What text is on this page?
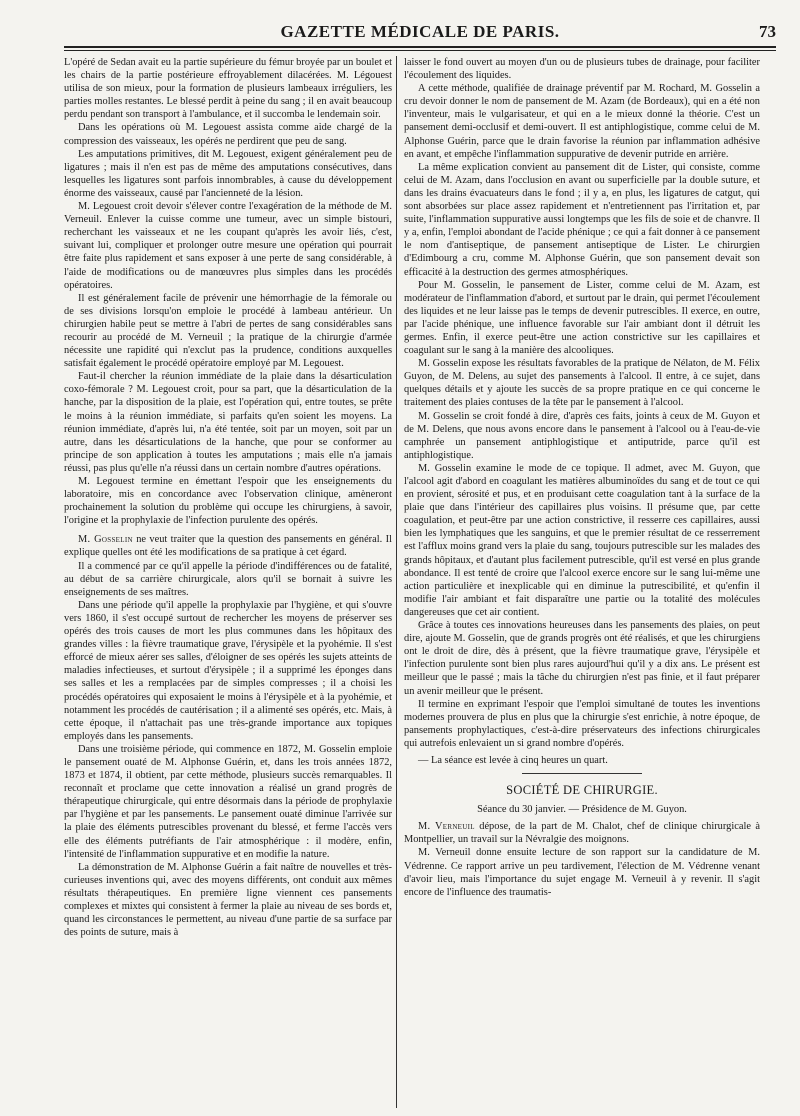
GAZETTE MÉDICALE DE PARIS.	73

L'opéré de Sedan avait eu la partie supérieure du fémur broyée par un boulet et les chairs de la partie postérieure effroyablement dilacérées. M. Légouest utilisa de son mieux, pour la formation de plusieurs lambeaux irréguliers, les parties molles restantes. Le blessé perdit à peine du sang ; il en avait beaucoup perdu pendant son transport à l'ambulance, et il succomba le lendemain soir.

Dans les opérations où M. Legouest assista comme aide chargé de la compression des vaisseaux, les opérés ne perdirent que peu de sang.

Les amputations primitives, dit M. Legouest, exigent généralement peu de ligatures ; mais il n'en est pas de même des amputations consécutives, dans lesquelles les ligatures sont parfois innombrables, à cause du développement énorme des vaisseaux, causé par l'ancienneté de la lésion.

M. Legouest croit devoir s'élever contre l'exagération de la méthode de M. Verneuil. Enlever la cuisse comme une tumeur, avec un simple bistouri, recherchant les vaisseaux et ne les coupant qu'après les avoir liés, c'est, suivant lui, compliquer et prolonger outre mesure une opération qui pourrait être faite plus rapidement et sans exposer à une perte de sang considérable, à l'aide de modifications ou de manœuvres plus simples dans les procédés opératoires.

Il est généralement facile de prévenir une hémorrhagie de la fémorale ou de ses divisions lorsqu'on emploie le procédé à lambeau antérieur. Un chirurgien habile peut se mettre à l'abri de pertes de sang considérables sans recourir au procédé de M. Verneuil ; la pratique de la chirurgie d'armée nécessite une rapidité qui n'exclut pas la prudence, conditions auxquelles satisfait également le procédé opératoire employé par M. Legouest.

Faut-il chercher la réunion immédiate de la plaie dans la désarticulation coxo-fémorale ? M. Legouest croit, pour sa part, que la désarticulation de la hanche, par la disposition de la plaie, est l'opération qui, entre toutes, se prête le moins à la réunion immédiate, si parfaits qu'en soient les moyens. La réunion immédiate, d'après lui, n'a été tentée, soit par un moyen, soit par un autre, dans les désarticulations de la hanche, que pour se conformer au principe de son application à toutes les amputations ; mais elle n'a jamais réussi, pas plus qu'elle n'a réussi dans un certain nombre d'autres opérations.

M. Legouest termine en émettant l'espoir que les enseignements du laboratoire, mis en concordance avec l'observation clinique, amèneront prochainement la solution du problème qui occupe les chirurgiens, à savoir, l'origine et la prophylaxie de l'infection purulente des opérés.

M. Gosselin ne veut traiter que la question des pansements en général. Il explique quelles ont été les modifications de sa pratique à cet égard.

Il a commencé par ce qu'il appelle la période d'indifférences ou de fatalité, au début de sa carrière chirurgicale, alors qu'il se bornait à suivre les enseignements de ses maîtres.

Dans une période qu'il appelle la prophylaxie par l'hygiène, et qui s'ouvre vers 1860, il s'est occupé surtout de rechercher les moyens de préserver ses opérés des trois causes de mort les plus communes dans les hôpitaux des grandes villes : la fièvre traumatique grave, l'érysipèle et la pyohémie. Il s'est efforcé de mieux aérer ses salles, d'éloigner de ses opérés les sujets atteints de maladies infectieuses, et surtout d'érysipèle ; il a supprimé les éponges dans ses salles et les a remplacées par de simples compresses ; il a choisi les procédés opératoires qui exposaient le moins à l'érysipèle et à la pyohémie, et notamment les procédés de cautérisation ; il a alimenté ses opérés, etc. Mais, à cette époque, il n'attachait pas une très-grande importance aux topiques employés dans les pansements.

Dans une troisième période, qui commence en 1872, M. Gosselin emploie le pansement ouaté de M. Alphonse Guérin, et, dans les trois années 1872, 1873 et 1874, il obtient, par cette méthode, plusieurs succès remarquables. Il reconnaît et proclame que cette innovation a réalisé un grand progrès de thérapeutique chirurgicale, qui entre désormais dans la période de prophylaxie par l'hygiène et par les pansements. Le pansement ouaté diminue l'arrivée sur la plaie des éléments putrescibles provenant du blessé, et ferme l'accès vers elle des éléments putréfiants de l'air atmosphérique : il modère, enfin, l'intensité de l'inflammation suppurative et en modifie la nature.

La démonstration de M. Alphonse Guérin a fait naître de nouvelles et très-curieuses inventions qui, avec des moyens différents, ont conduit aux mêmes résultats thérapeutiques. En première ligne viennent ces pansements complexes et mixtes qui consistent à fermer la plaie au niveau de ses bords et, quand les circonstances le permettent, au niveau d'une partie de sa surface par des points de suture, mais à

laisser le fond ouvert au moyen d'un ou de plusieurs tubes de drainage, pour faciliter l'écoulement des liquides.

A cette méthode, qualifiée de drainage préventif par M. Rochard, M. Gosselin a cru devoir donner le nom de pansement de M. Azam (de Bordeaux), qui en a été non l'inventeur, mais le vulgarisateur, et qui en a le mieux donné la théorie. C'est un pansement demi-occlusif et demi-ouvert. Il est antiphlogistique, comme celui de M. Alphonse Guérin, parce que le drain favorise la réunion par inflammation adhésive en avant, et empêche l'inflammation suppurative de devenir putride en arrière.

La même explication convient au pansement dit de Lister, qui consiste, comme celui de M. Azam, dans l'occlusion en avant ou superficielle par la double suture, et dans les drains évacuateurs dans le fond ; il y a, en plus, les ligatures de catgut, qui sont absorbées sur place assez rapidement et n'entretiennent pas l'irritation et, par suite, l'inflammation suppurative aussi longtemps que les fils de soie et de chanvre. Il y a, enfin, l'emploi abondant de l'acide phénique ; ce qui a fait donner à ce pansement le nom d'antiseptique, de pansement antiseptique de Lister. Le chirurgien d'Edimbourg a cru, comme M. Alphonse Guérin, que son pansement devait son efficacité à la destruction des germes atmosphériques.

Pour M. Gosselin, le pansement de Lister, comme celui de M. Azam, est modérateur de l'inflammation d'abord, et surtout par le drain, qui permet l'écoulement des liquides et ne leur laisse pas le temps de devenir putrescibles. Il exerce, en outre, par l'acide phénique, une influence favorable sur l'air ambiant dont il détruit les germes. Enfin, il exerce peut-être une action constrictive sur les capillaires et coagulant sur le sang à la manière des alcooliques.

M. Gosselin expose les résultats favorables de la pratique de Nélaton, de M. Félix Guyon, de M. Delens, au sujet des pansements à l'alcool. Il entre, à ce sujet, dans quelques détails et y ajoute les succès de sa propre pratique en ce qui concerne le traitement des plaies contuses de la tête par le pansement à l'alcool.

M. Gosselin se croit fondé à dire, d'après ces faits, joints à ceux de M. Guyon et de M. Delens, que nous avons encore dans le pansement à l'alcool ou à l'eau-de-vie camphrée un pansement antiphlogistique et antiputride, parce qu'il est antiphlogistique.

M. Gosselin examine le mode de ce topique. Il admet, avec M. Guyon, que l'alcool agit d'abord en coagulant les matières albuminoïdes du sang et de tout ce qui en provient, sérosité et pus, et en produisant cette coagulation tant à la surface de la plaie que dans l'intérieur des capillaires plus voisins. Il présume que, par cette coagulation, et peut-être par une action constrictive, il resserre ces capillaires, aussi bien les lymphatiques que les sanguins, et que le premier résultat de ce resserrement est l'afflux moins grand vers la plaie du sang, toujours putrescible sur les malades des grands hôpitaux, et d'autant plus facilement putrescible, qu'il est versé en plus grande abondance. Il est tenté de croire que l'alcool exerce encore sur le sang lui-même une action particulière et inexplicable qui en diminue la putrescibilité, et qu'enfin il modifie l'air ambiant et fait disparaître une partie ou la totalité des molécules dangereuses que cet air contient.

Grâce à toutes ces innovations heureuses dans les pansements des plaies, on peut dire, ajoute M. Gosselin, que de grands progrès ont été réalisés, et que les chirurgiens ont le droit de dire, dès à présent, que la fièvre traumatique grave, l'érysipèle et l'infection purulente sont bien plus rares aujourd'hui qu'il y a dix ans. Le présent est meilleur que le passé ; mais la tâche du chirurgien n'est pas finie, et il faut préparer un avenir meilleur que le présent.

Il termine en exprimant l'espoir que l'emploi simultané de toutes les inventions modernes prouvera de plus en plus que la chirurgie s'est enrichie, à notre époque, de pansements prophylactiques, c'est-à-dire préservateurs des infections chirurgicales qui autrefois enlevaient un si grand nombre d'opérés.

— La séance est levée à cinq heures un quart.

SOCIÉTÉ DE CHIRURGIE.
Séance du 30 janvier. — Présidence de M. Guyon.

M. Verneuil dépose, de la part de M. Chalot, chef de clinique chirurgicale à Montpellier, un travail sur la Névralgie des moignons.

M. Verneuil donne ensuite lecture de son rapport sur la candidature de M. Védrenne. Ce rapport arrive un peu tardivement, l'élection de M. Védrenne venant d'avoir lieu, mais l'importance du sujet engage M. Verneuil à y revenir. Il s'agit encore de l'influence des traumatis-
